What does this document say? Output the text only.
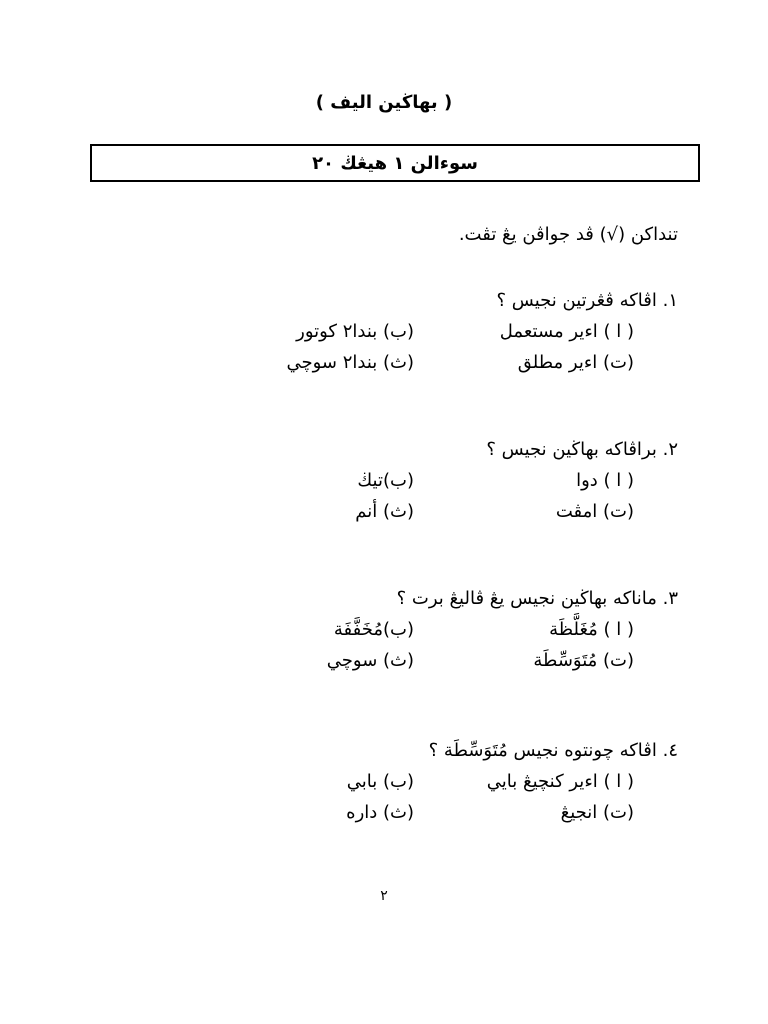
( بهاڬين اليف )
سوءالن ١ هيڠڬ ٢٠
تنداكن (√) ڤد جواڤن يڠ تڤت.
١. اڤاكه ڤڠرتين نجيس ؟
( ا ) اءير مستعمل
(ب) بندا٢ كوتور
(ت) اءير مطلق
(ث) بندا٢ سوچي
٢. براڤاكه بهاڬين نجيس ؟
( ا ) دوا
(ب)تيڬ
(ت) امڤت
(ث) أنم
٣. ماناكه بهاڬين نجيس يڠ ڤاليڠ برت ؟
( ا ) مُغَلَّظَة
(ب)مُخَفَّفَة
(ت) مُتَوَسِّطَة
(ث) سوچي
٤. اڤاكه چونتوه نجيس مُتَوَسِّطَة ؟
( ا ) اءير كنچيڠ بايي
(ب) بابي
(ت) انجيڠ
(ث) داره
٢
